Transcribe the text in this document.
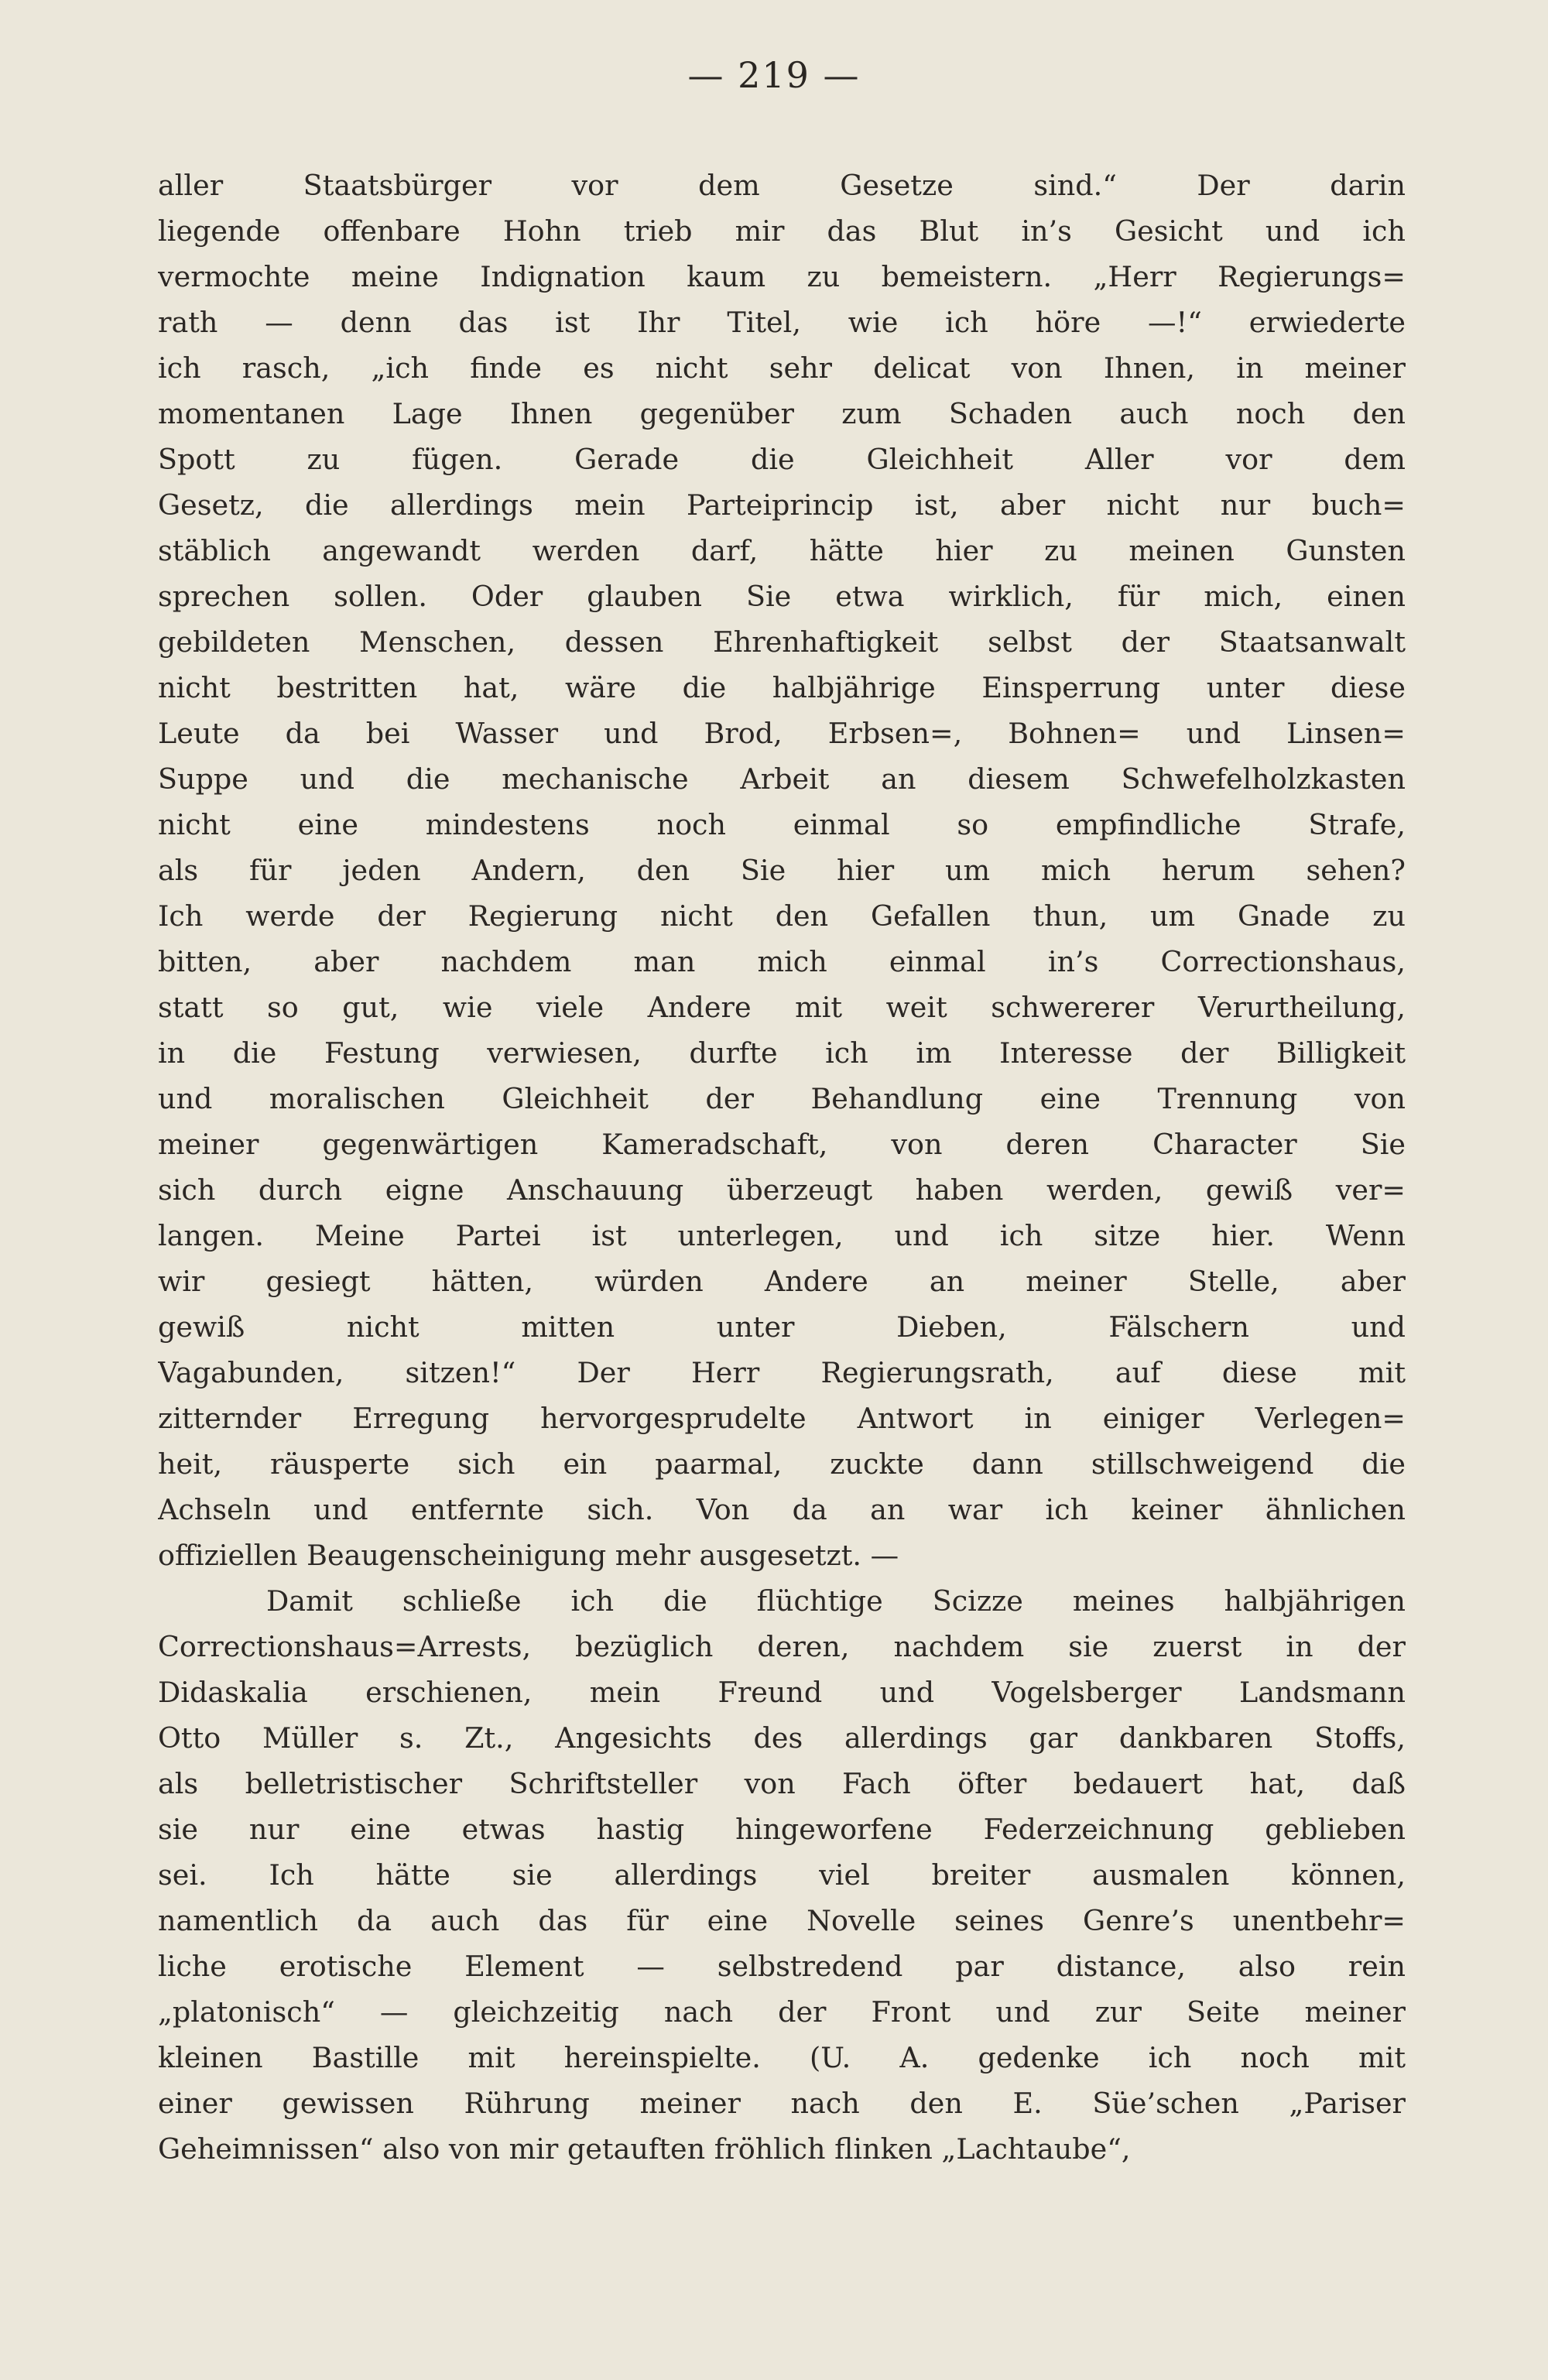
— 219 —
aller Staatsbürger vor dem Gesetze sind.“ Der darin
liegende offenbare Hohn trieb mir das Blut in’s Gesicht und ich
vermochte meine Indignation kaum zu bemeistern. „Herr Regierungs=
rath — denn das ist Ihr Titel, wie ich höre —!“ erwiederte
ich rasch, „ich finde es nicht sehr delicat von Ihnen, in meiner
momentanen Lage Ihnen gegenüber zum Schaden auch noch den
Spott zu fügen. Gerade die Gleichheit Aller vor dem
Gesetz, die allerdings mein Parteiprincip ist, aber nicht nur buch=
stäblich angewandt werden darf, hätte hier zu meinen Gunsten
sprechen sollen. Oder glauben Sie etwa wirklich, für mich, einen
gebildeten Menschen, dessen Ehrenhaftigkeit selbst der Staatsanwalt
nicht bestritten hat, wäre die halbjährige Einsperrung unter diese
Leute da bei Wasser und Brod, Erbsen=, Bohnen= und Linsen=
Suppe und die mechanische Arbeit an diesem Schwefelholzkasten
nicht eine mindestens noch einmal so empfindliche Strafe,
als für jeden Andern, den Sie hier um mich herum sehen?
Ich werde der Regierung nicht den Gefallen thun, um Gnade zu
bitten, aber nachdem man mich einmal in’s Correctionshaus,
statt so gut, wie viele Andere mit weit schwererer Verurtheilung,
in die Festung verwiesen, durfte ich im Interesse der Billigkeit
und moralischen Gleichheit der Behandlung eine Trennung von
meiner gegenwärtigen Kameradschaft, von deren Character Sie
sich durch eigne Anschauung überzeugt haben werden, gewiß ver=
langen. Meine Partei ist unterlegen, und ich sitze hier. Wenn
wir gesiegt hätten, würden Andere an meiner Stelle, aber
gewiß nicht mitten unter Dieben, Fälschern und
Vagabunden, sitzen!“ Der Herr Regierungsrath, auf diese mit
zitternder Erregung hervorgesprudelte Antwort in einiger Verlegen=
heit, räusperte sich ein paarmal, zuckte dann stillschweigend die
Achseln und entfernte sich. Von da an war ich keiner ähnlichen
offiziellen Beaugenscheinigung mehr ausgesetzt. —
Damit schließe ich die flüchtige Scizze meines halbjährigen
Correctionshaus=Arrests, bezüglich deren, nachdem sie zuerst in der
Didaskalia erschienen, mein Freund und Vogelsberger Landsmann
Otto Müller s. Zt., Angesichts des allerdings gar dankbaren Stoffs,
als belletristischer Schriftsteller von Fach öfter bedauert hat, daß
sie nur eine etwas hastig hingeworfene Federzeichnung geblieben
sei. Ich hätte sie allerdings viel breiter ausmalen können,
namentlich da auch das für eine Novelle seines Genre’s unentbehr=
liche erotische Element — selbstredend par distance, also rein
„platonisch“ — gleichzeitig nach der Front und zur Seite meiner
kleinen Bastille mit hereinspielte. (U. A. gedenke ich noch mit
einer gewissen Rührung meiner nach den E. Süe’schen „Pariser
Geheimnissen“ also von mir getauften fröhlich flinken „Lachtaube“,
